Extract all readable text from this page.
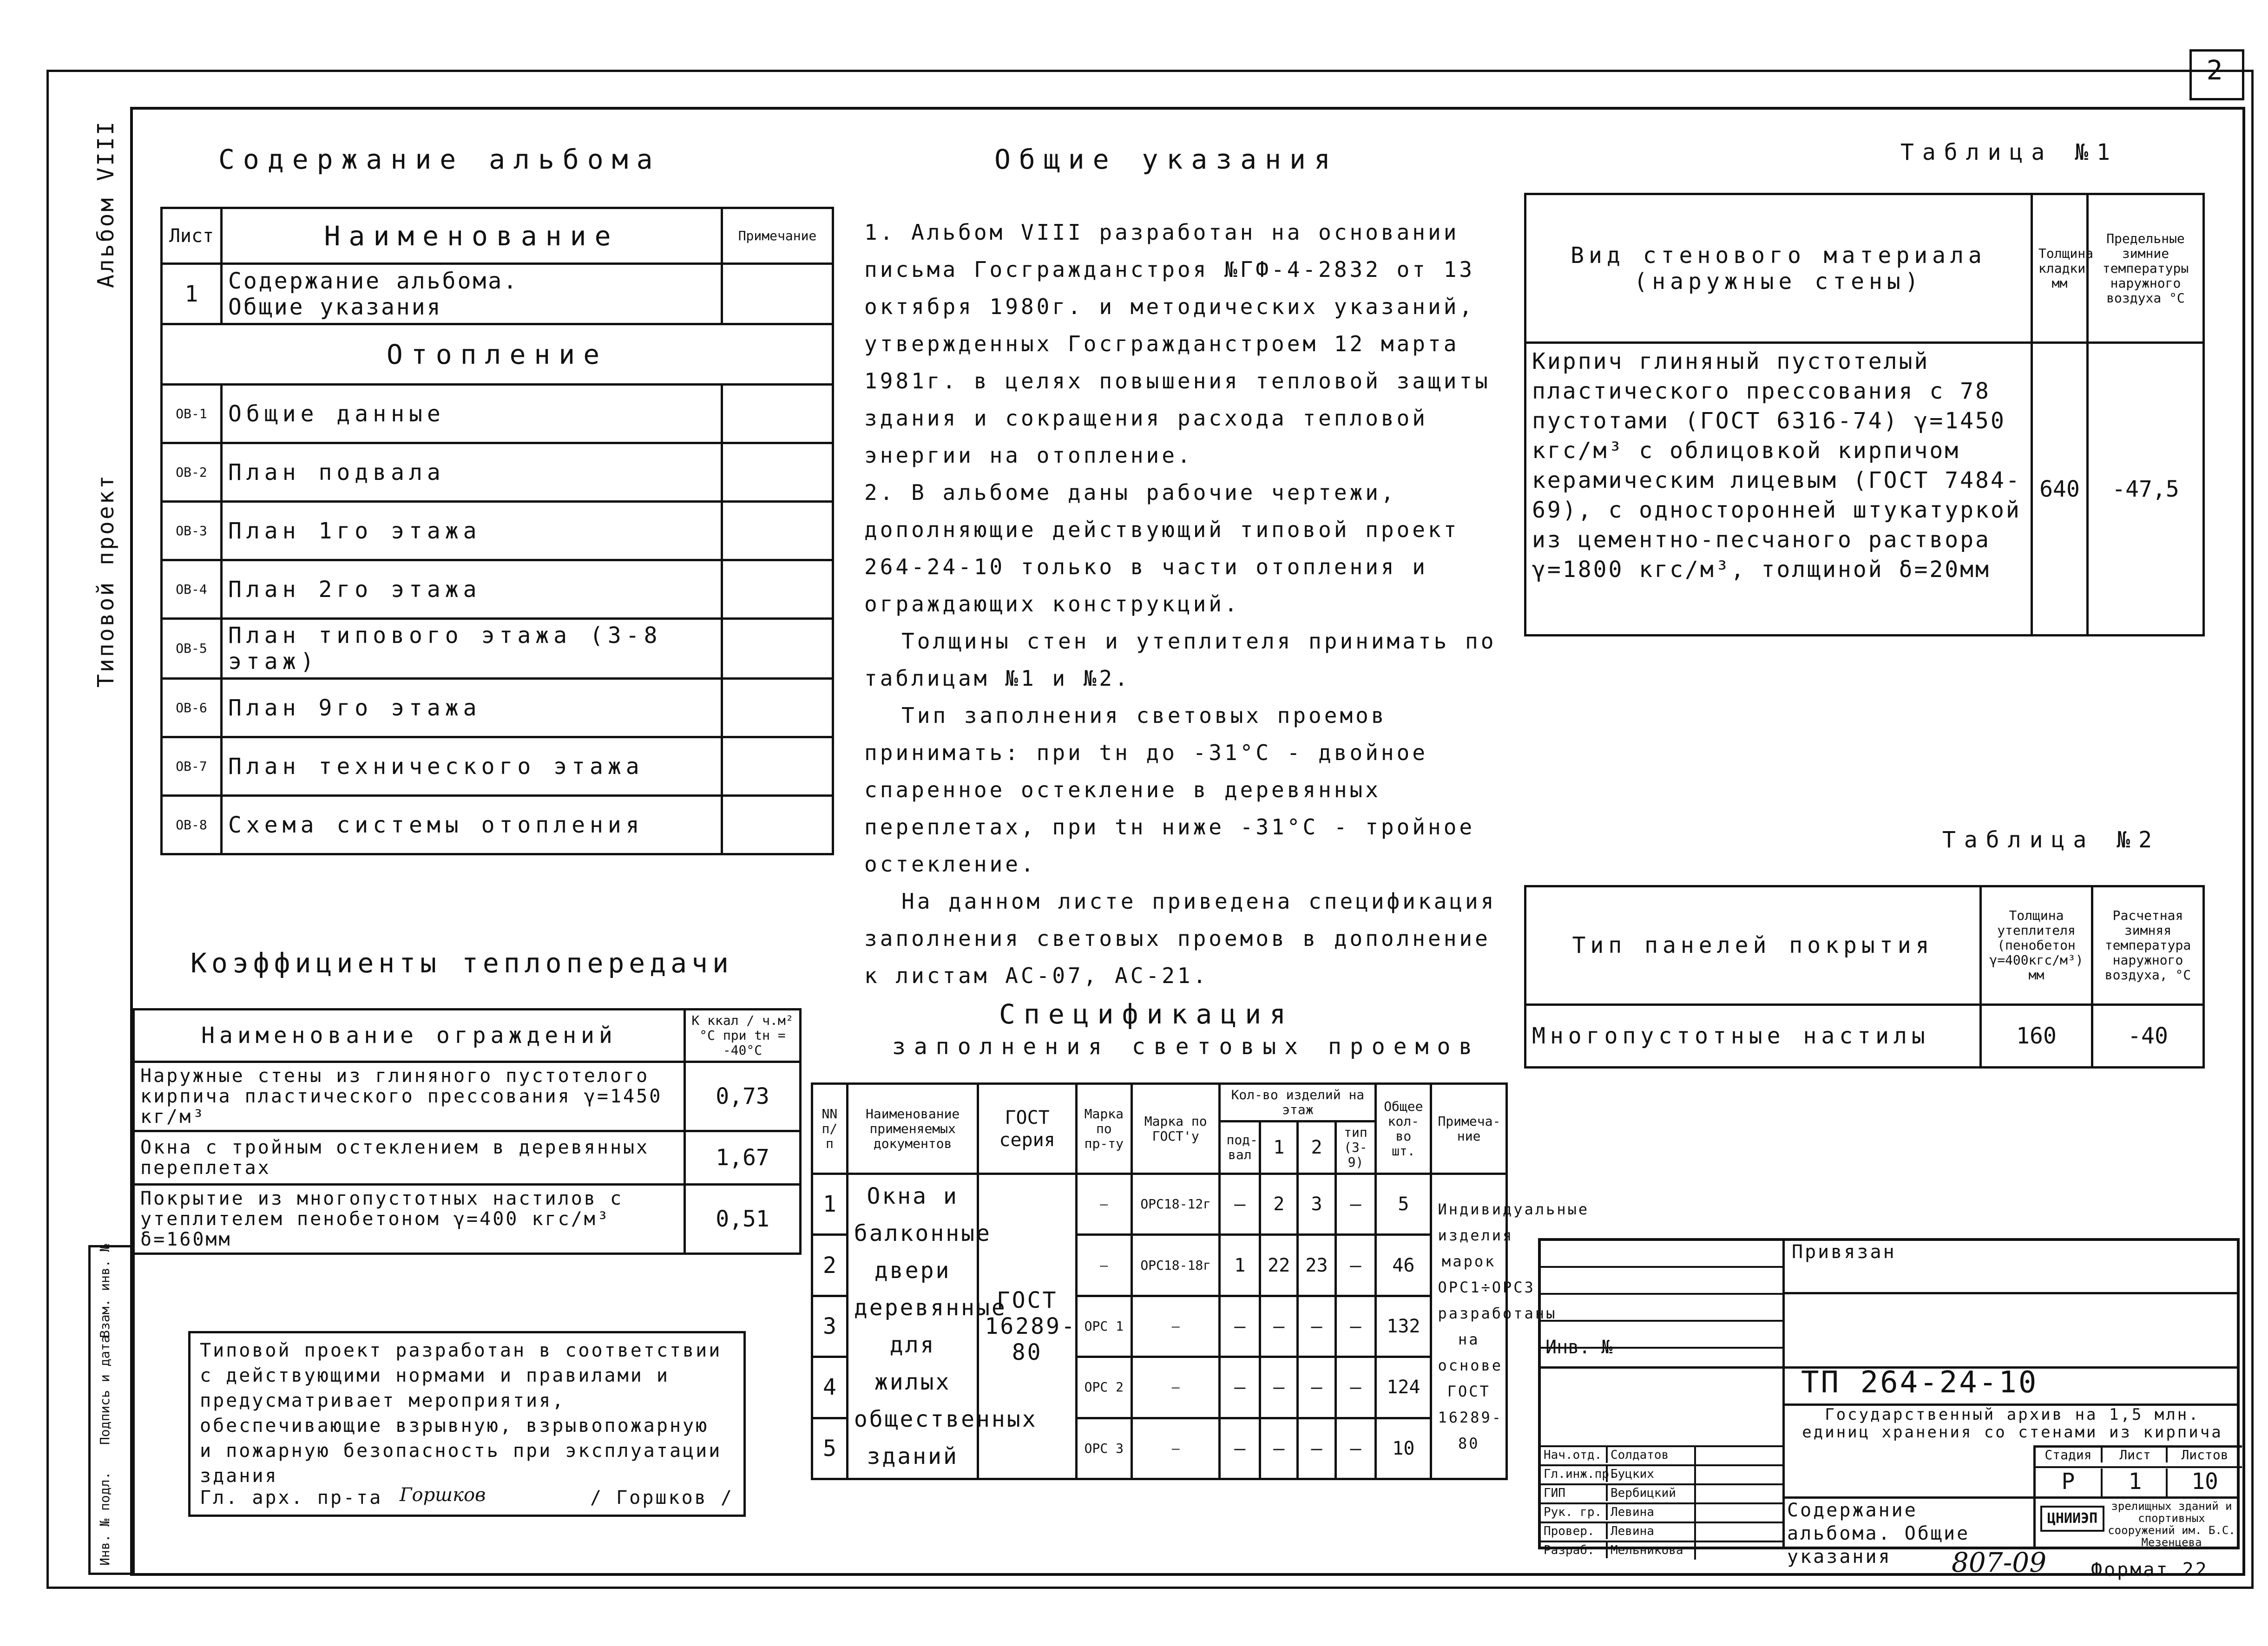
2
Альбом VIII
Типовой проект
Инв. № подл.
Подпись и дата
Взам. инв. №
Содержание альбома
Лист	Наименование	Примечание
1	Содержание альбома.
Общие указания	

Отопление		
ОВ-1	Общие данные	
ОВ-2	План подвала	
ОВ-3	План 1го этажа	
ОВ-4	План 2го этажа	
ОВ-5	План типового этажа (3-8 этаж)	
ОВ-6	План 9го этажа	
ОВ-7	План технического этажа	
ОВ-8	Схема системы отопления	
Коэффициенты теплопередачи
Наименование ограждений	К ккал / ч.м² °С при tн = -40°С
Наружные стены из глиняного пустотелого кирпича пластического прессования γ=1450 кг/м³	0,73
Окна с тройным остеклением в деревянных переплетах	1,67
Покрытие из многопустотных настилов с утеплителем пенобетоном γ=400 кгс/м³ δ=160мм	0,51
Типовой проект разработан в соответствии с действующими нормами и правилами и предусматривает мероприятия, обеспечивающие взрывную, взрывопожарную и пожарную безопасность при эксплуатации здания
Гл. арх. пр-та Горшков	/ Горшков /
Общие указания
1. Альбом VIII разработан на основании письма Госгражданстроя №ГФ-4-2832 от 13 октября 1980г. и методических указаний, утвержденных Госгражданстроем 12 марта 1981г. в целях повышения тепловой защиты здания и сокращения расхода тепловой энергии на отопление.
2. В альбоме даны рабочие чертежи, дополняющие действующий типовой проект 264-24-10 только в части отопления и ограждающих конструкций.
Толщины стен и утеплителя принимать по таблицам №1 и №2.
Тип заполнения световых проемов принимать: при tн до -31°С - двойное спаренное остекление в деревянных переплетах, при tн ниже -31°С - тройное остекление.
На данном листе приведена спецификация заполнения световых проемов в дополнение к листам АС-07, АС-21.
Спецификация
заполнения световых проемов
NN п/п	Наименование применяемых документов	ГОСТ серия	Марка по пр-ту	Марка по ГОСТ'у	Кол-во изделий на этаж				Общее кол-во шт.	Примеча- ние
					под- вал	1	2	тип (3-9)		
1	Окна и балконные двери деревянные для жилых общественных зданий	ГОСТ 16289-80	—	ОРС18-12г	—	2	3	—	5	Индивидуальные изделия марок ОРС1÷ОРС3 разработаны на основе ГОСТ 16289-80
2			—	ОРС18-18г	1	22	23	—	46	
3			ОРС 1	—	—	—	—	—	132	
4			ОРС 2	—	—	—	—	—	124	
5			ОРС 3	—	—	—	—	—	10	
Таблица №1
Вид стенового материала (наружные стены)	Толщина кладки мм	Предельные зимние температуры наружного воздуха °С
Кирпич глиняный пустотелый пластического прессования с 78 пустотами (ГОСТ 6316-74) γ=1450 кгс/м³ с облицовкой кирпичом керамическим лицевым (ГОСТ 7484-69), с односторонней штукатуркой из цементно-песчаного раствора γ=1800 кгс/м³, толщиной δ=20мм	640	-47,5
Таблица №2
Тип панелей покрытия	Толщина утеплителя (пенобетон γ=400кгс/м³) мм	Расчетная зимняя температура наружного воздуха, °С
Многопустотные настилы	160	-40
Привязан
Инв. №
ТП 264-24-10
Государственный архив на 1,5 млн. единиц хранения со стенами из кирпича
Нач.отд. Солдатов
Гл.инж.пр.
Буцких
ГИП	Вербицкий
Рук. гр. Левина
Провер.	Левина
Разраб.	Мельникова
Стадия	Лист	Листов
Р	1	10
Содержание альбома. Общие указания
ЦНИИЭП
зрелищных зданий и спортивных сооружений им. Б.С. Мезенцева
807-09 Формат 22
